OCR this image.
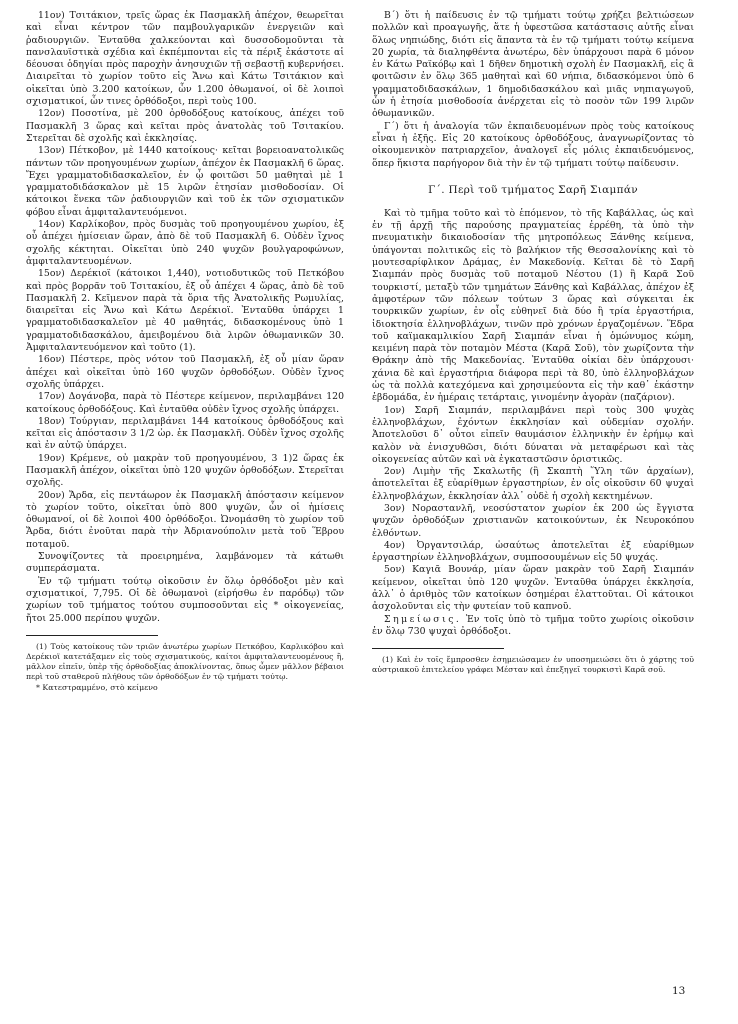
11ον) Τσιτάκιον, τρεῖς ὥρας ἐκ Πασμακλῆ ἀπέχον, θεωρεῖται καὶ εἶναι κέντρον τῶν παμβουλγαρικῶν ἐνεργειῶν καὶ ῥαδιουργιῶν. Ἐνταῦθα χαλκεύονται καὶ δυσσοδομοῦνται τὰ πανσλαυϊστικὰ σχέδια καὶ ἐκπέμπονται εἰς τὰ πέριξ ἑκάστοτε αἱ δέουσαι ὁδηγίαι πρὸς παροχὴν ἀνησυχιῶν τῇ σεβαστῇ κυβερνήσει. Διαιρεῖται τὸ χωρίον τοῦτο εἰς Ἄνω καὶ Κάτω Τσιτάκιον καὶ οἰκεῖται ὑπὸ 3.200 κατοίκων, ὧν 1.200 ὀθωμανοί, οἱ δὲ λοιποὶ σχισματικοί, ὧν τινες ὀρθόδοξοι, περὶ τοὺς 100.

12ον) Ποσοτίνα, μὲ 200 ὀρθοδόξους κατοίκους, ἀπέχει τοῦ Πασμακλῆ 3 ὥρας καὶ κεῖται πρὸς ἀνατολὰς τοῦ Τσιτακίου. Στερεῖται δὲ σχολῆς καὶ ἐκκλησίας.

13ον) Πέτκοβον, μὲ 1440 κατοίκους· κεῖται βορειοανατολικῶς πάντων τῶν προηγουμένων χωρίων, ἀπέχον ἐκ Πασμακλῆ 6 ὥρας. Ἔχει γραμματοδιδασκαλεῖον, ἐν ᾧ φοιτῶσι 50 μαθηταὶ μὲ 1 γραμματοδιδάσκαλον μὲ 15 λιρῶν ἐτησίαν μισθοδοσίαν. Οἱ κάτοικοι ἕνεκα τῶν ῥαδιουργιῶν καὶ τοῦ ἐκ τῶν σχισματικῶν φόβου εἶναι ἀμφιταλαντευόμενοι.

14ον) Καρλίκοβον, πρὸς δυσμὰς τοῦ προηγουμένου χωρίου, ἐξ οὗ ἀπέχει ἡμίσειαν ὥραν, ἀπὸ δὲ τοῦ Πασμακλῆ 6. Οὐδὲν ἴχνος σχολῆς κέκτηται. Οἰκεῖται ὑπὸ 240 ψυχῶν βουλγαροφώνων, ἀμφιταλαντευομένων.

15ον) Δερέκιοϊ (κάτοικοι 1,440), νοτιοδυτικῶς τοῦ Πετκόβου καὶ πρὸς βορρᾶν τοῦ Τσιτακίου, ἐξ οὗ ἀπέχει 4 ὥρας, ἀπὸ δὲ τοῦ Πασμακλῆ 2. Κεῖμενον παρὰ τὰ ὅρια τῆς Ἀνατολικῆς Ρωμυλίας, διαιρεῖται εἰς Ἄνω καὶ Κάτω Δερέκιοϊ. Ἐνταῦθα ὑπάρχει 1 γραμματοδιδασκαλεῖον μὲ 40 μαθητάς, διδασκομένους ὑπὸ 1 γραμματοδιδασκάλου, ἀμειβομένου διὰ λιρῶν ὀθωμανικῶν 30. Ἀμφιταλαντευόμενον καὶ τοῦτο (1).

16ον) Πέστερε, πρὸς νότον τοῦ Πασμακλῆ, ἐξ οὗ μίαν ὥραν ἀπέχει καὶ οἰκεῖται ὑπὸ 160 ψυχῶν ὀρθοδόξων. Οὐδὲν ἴχνος σχολῆς ὑπάρχει.

17ον) Δογάνοβα, παρὰ τὸ Πέστερε κείμενον, περιλαμβάνει 120 κατοίκους ὀρθοδόξους. Καὶ ἐνταῦθα οὐδὲν ἴχνος σχολῆς ὑπάρχει.

18ον) Τούργιαν, περιλαμβάνει 144 κατοίκους ὀρθοδόξους καὶ κεῖται εἰς ἀπόστασιν 3 1/2 ὡρ. ἐκ Πασμακλῆ. Οὐδὲν ἴχνος σχολῆς καὶ ἐν αὐτῷ ὑπάρχει.

19ον) Κρέμενε, οὐ μακρὰν τοῦ προηγουμένου, 3 1)2 ὥρας ἐκ Πασμακλῆ ἀπέχον, οἰκεῖται ὑπὸ 120 ψυχῶν ὀρθοδόξων. Στερεῖται σχολῆς.

20ον) Ἄρδα, εἰς πεντάωρον ἐκ Πασμακλῆ ἀπόστασιν κείμενον τὸ χωρίον τοῦτο, οἰκεῖται ὑπὸ 800 ψυχῶν, ὧν οἱ ἡμίσεις ὀθωμανοί, οἱ δὲ λοιποὶ 400 ὀρθόδοξοι. Ὠνομάσθη τὸ χωρίον τοῦ Ἄρδα, διότι ἐνοῦται παρὰ τὴν Ἀδριανούπολιν μετὰ τοῦ Ἕβρου ποταμοῦ.

Συνοψίζοντες τὰ προειρημένα, λαμβάνομεν τὰ κάτωθι συμπεράσματα.

Ἐν τῷ τμήματι τούτῳ οἰκοῦσιν ἐν ὅλῳ ὀρθόδοξοι μὲν καὶ σχισματικοί, 7,795. Οἱ δὲ ὀθωμανοὶ (εἰρήσθω ἐν παρόδῳ) τῶν χωρίων τοῦ τμήματος τούτου συμποσοῦνται εἰς * οἰκογενείας, ἤτοι 25.000 περίπου ψυχῶν.

(1) Τοὺς κατοίκους τῶν τριῶν ἀνωτέρω χωρίων Πετκόβου, Καρλικόβου καὶ Δερέκιοϊ κατετάξαμεν εἰς τοὺς σχισματικούς, καίτοι ἀμφιταλαντευομένους ἢ, μᾶλλον εἰπεῖν, ὑπὲρ τῆς ὀρθοδοξίας ἀποκλίνοντας, ὅπως ὦμεν μᾶλλον βέβαιοι περὶ τοῦ σταθεροῦ πλήθους τῶν ὀρθοδόξων ἐν τῷ τμήματι τούτῳ.

* Κατεστραμμένο, στὸ κείμενο

Β΄) ὅτι ἡ παίδευσις ἐν τῷ τμήματι τούτῳ χρήζει βελτιώσεων πολλῶν καὶ προαγωγῆς, ἅτε ἡ ὑφεστῶσα κατάστασις αὐτῆς εἶναι ὅλως νηπιώδης, διότι εἰς ἅπαντα τὰ ἐν τῷ τμήματι τούτῳ κείμενα 20 χωρία, τὰ διαληφθέντα ἀνωτέρω, δὲν ὑπάρχουσι παρὰ 6 μόνον ἐν Κάτω Ραϊκόβῳ καὶ 1 δῆθεν δημοτικὴ σχολὴ ἐν Πασμακλῆ, εἰς ἃ φοιτῶσιν ἐν ὅλῳ 365 μαθηταὶ καὶ 60 νήπια, διδασκόμενοι ὑπὸ 6 γραμματοδιδασκάλων, 1 δημοδιδασκάλου καὶ μιᾶς νηπιαγωγοῦ, ὧν ἡ ἐτησία μισθοδοσία ἀνέρχεται εἰς τὸ ποσὸν τῶν 199 λιρῶν ὀθωμανικῶν.

Γ΄) ὅτι ἡ ἀναλογία τῶν ἐκπαιδευομένων πρὸς τοὺς κατοίκους εἶναι ἡ ἑξῆς. Εἰς 20 κατοίκους ὀρθοδόξους, ἀναγνωρίζοντας τὸ οἰκουμενικὸν πατριαρχεῖον, ἀναλογεῖ εἷς μόλις ἐκπαιδευόμενος, ὅπερ ἥκιστα παρήγορον διὰ τὴν ἐν τῷ τμήματι τούτῳ παίδευσιν.

Γ΄. Περὶ τοῦ τμήματος Σαρῆ Σιαμπάν

Καὶ τὸ τμῆμα τοῦτο καὶ τὸ ἑπόμενον, τὸ τῆς Καβάλλας, ὡς καὶ ἐν τῇ ἀρχῇ τῆς παρούσης πραγματείας ἐρρέθη, τὰ ὑπὸ τὴν πνευματικὴν δικαιοδοσίαν τῆς μητροπόλεως Ξάνθης κείμενα, ὑπάγονται πολιτικῶς εἰς τὸ βαλήκιον τῆς Θεσσαλονίκης καὶ τὸ μουτεσαρίφλικον Δράμας, ἐν Μακεδονίᾳ. Κεῖται δὲ τὸ Σαρῆ Σιαμπάν πρὸς δυσμὰς τοῦ ποταμοῦ Νέστου (1) ἢ Καρᾶ Σοῦ τουρκιστί, μεταξὺ τῶν τμημάτων Ξάνθης καὶ Καβάλλας, ἀπέχον ἐξ ἀμφοτέρων τῶν πόλεων τούτων 3 ὥρας καὶ σύγκειται ἐκ τουρκικῶν χωρίων, ἐν οἷς εὐθηνεῖ διὰ δύο ἢ τρία ἐργαστήρια, ἰδιοκτησία ἑλληνοβλάχων, τινῶν πρὸ χρόνων ἐργαζομένων. Ἕδρα τοῦ καϊμακαμλικίου Σαρῆ Σιαμπάν εἶναι ἡ ὁμώνυμος κώμη, κειμένη παρὰ τὸν ποταμὸν Μέστα (Καρᾶ Σοῦ), τὸν χωρίζοντα τὴν Θράκην ἀπὸ τῆς Μακεδονίας. Ἐνταῦθα οἰκίαι δὲν ὑπάρχουσι· χάνια δὲ καὶ ἐργαστήρια διάφορα περὶ τὰ 80, ὑπὸ ἑλληνοβλάχων ὡς τὰ πολλὰ κατεχόμενα καὶ χρησιμεύοντα εἰς τὴν καθ᾽ ἑκάστην ἑβδομάδα, ἐν ἡμέραις τετάρταις, γινομένην ἀγορὰν (παζάριον).

1ον) Σαρῆ Σιαμπάν, περιλαμβάνει περὶ τοὺς 300 ψυχὰς ἑλληνοβλάχων, ἐχόντων ἐκκλησίαν καὶ οὐδεμίαν σχολήν. Ἀποτελοῦσι δ᾽ οὗτοι εἰπεῖν θαυμάσιον ἑλληνικὴν ἐν ἐρήμῳ καὶ καλὸν νὰ ἐνισχυθῶσι, διότι δύναται νὰ μεταφέρωσι καὶ τὰς οἰκογενείας αὐτῶν καὶ νὰ ἐγκαταστῶσιν ὁριστικῶς.

2ον) Λιμὴν τῆς Σκαλωτῆς (ἢ Σκαπτὴ Ὕλη τῶν ἀρχαίων), ἀποτελεῖται ἐξ εὐαρίθμων ἐργαστηρίων, ἐν οἷς οἰκοῦσιν 60 ψυχαὶ ἑλληνοβλάχων, ἐκκλησίαν ἀλλ᾽ οὐδὲ ἡ σχολὴ κεκτημένων.

3ον) Νοραστανλῆ, νεοσύστατον χωρίον ἐκ 200 ὡς ἔγγιστα ψυχῶν ὀρθοδόξων χριστιανῶν κατοικούντων, ἐκ Νευροκόπου ἐλθόντων.

4ον) Ὀργαντσιλάρ, ὡσαύτως ἀποτελεῖται ἐξ εὐαρίθμων ἐργαστηρίων ἑλληνοβλάχων, συμποσουμένων εἰς 50 ψυχάς.

5ον) Καγιᾶ Βουνάρ, μίαν ὥραν μακρὰν τοῦ Σαρῆ Σιαμπάν κείμενον, οἰκεῖται ὑπὸ 120 ψυχῶν. Ἐνταῦθα ὑπάρχει ἐκκλησία, ἀλλ᾽ ὁ ἀριθμὸς τῶν κατοίκων ὁσημέραι ἐλαττοῦται. Οἱ κάτοικοι ἀσχολοῦνται εἰς τὴν φυτείαν τοῦ καπνοῦ.

Σημείωσις. Ἐν τοῖς ὑπὸ τὸ τμῆμα τοῦτο χωρίοις οἰκοῦσιν ἐν ὅλῳ 730 ψυχαὶ ὀρθόδοξοι.

(1) Καὶ ἐν τοῖς ἔμπροσθεν ἐσημειώσαμεν ἐν υποσημειώσει ὅτι ὁ χάρτης τοῦ αὐστριακοῦ ἐπιτελείου γράφει Μέσταν καὶ ἐπεξηγεῖ τουρκιστὶ Καρᾶ σοῦ.

13
